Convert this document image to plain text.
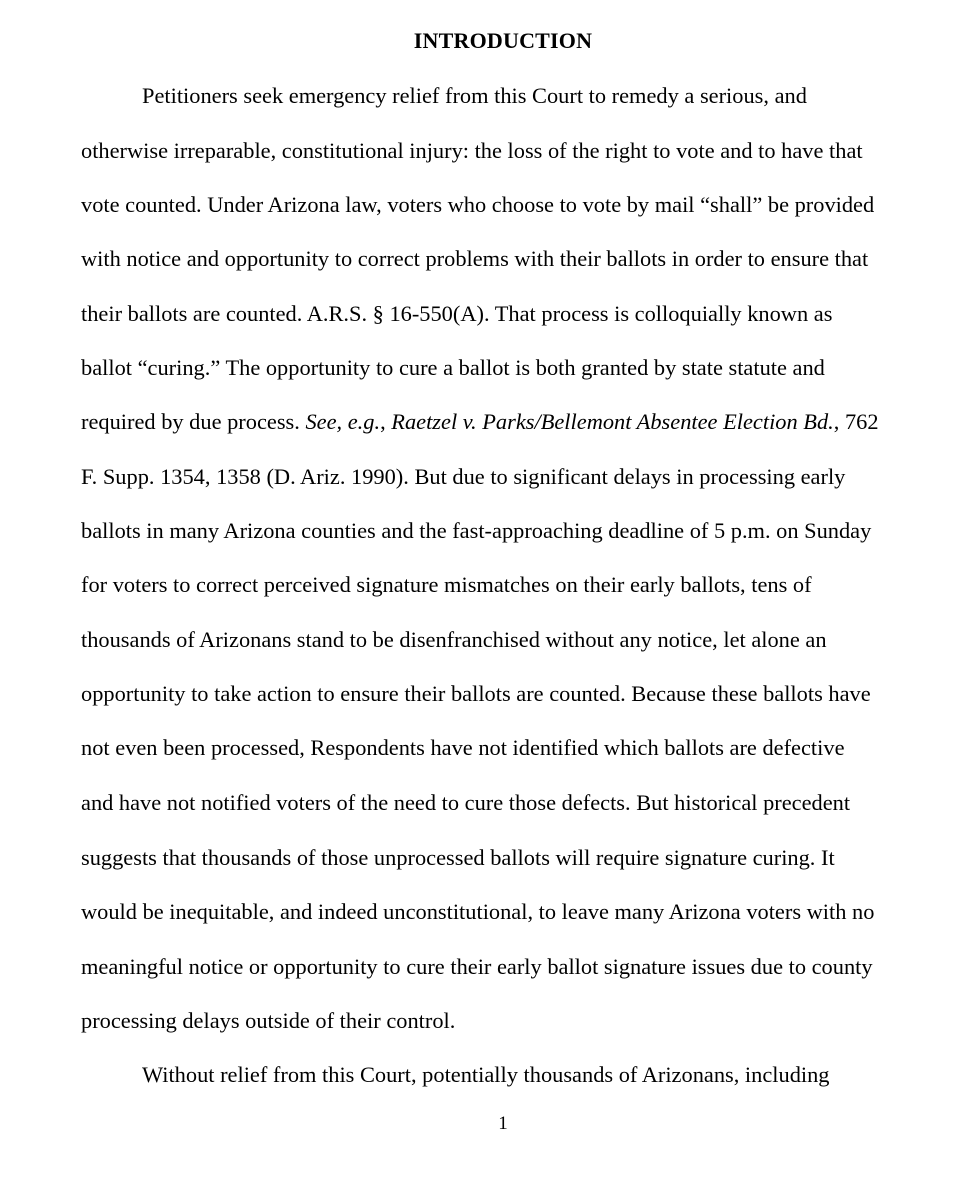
INTRODUCTION
Petitioners seek emergency relief from this Court to remedy a serious, and
otherwise irreparable, constitutional injury: the loss of the right to vote and to have that
vote counted. Under Arizona law, voters who choose to vote by mail “shall” be provided
with notice and opportunity to correct problems with their ballots in order to ensure that
their ballots are counted. A.R.S. § 16-550(A). That process is colloquially known as
ballot “curing.” The opportunity to cure a ballot is both granted by state statute and
required by due process. See, e.g., Raetzel v. Parks/Bellemont Absentee Election Bd., 762
F. Supp. 1354, 1358 (D. Ariz. 1990). But due to significant delays in processing early
ballots in many Arizona counties and the fast-approaching deadline of 5 p.m. on Sunday
for voters to correct perceived signature mismatches on their early ballots, tens of
thousands of Arizonans stand to be disenfranchised without any notice, let alone an
opportunity to take action to ensure their ballots are counted. Because these ballots have
not even been processed, Respondents have not identified which ballots are defective
and have not notified voters of the need to cure those defects. But historical precedent
suggests that thousands of those unprocessed ballots will require signature curing. It
would be inequitable, and indeed unconstitutional, to leave many Arizona voters with no
meaningful notice or opportunity to cure their early ballot signature issues due to county
processing delays outside of their control.
Without relief from this Court, potentially thousands of Arizonans, including
1
